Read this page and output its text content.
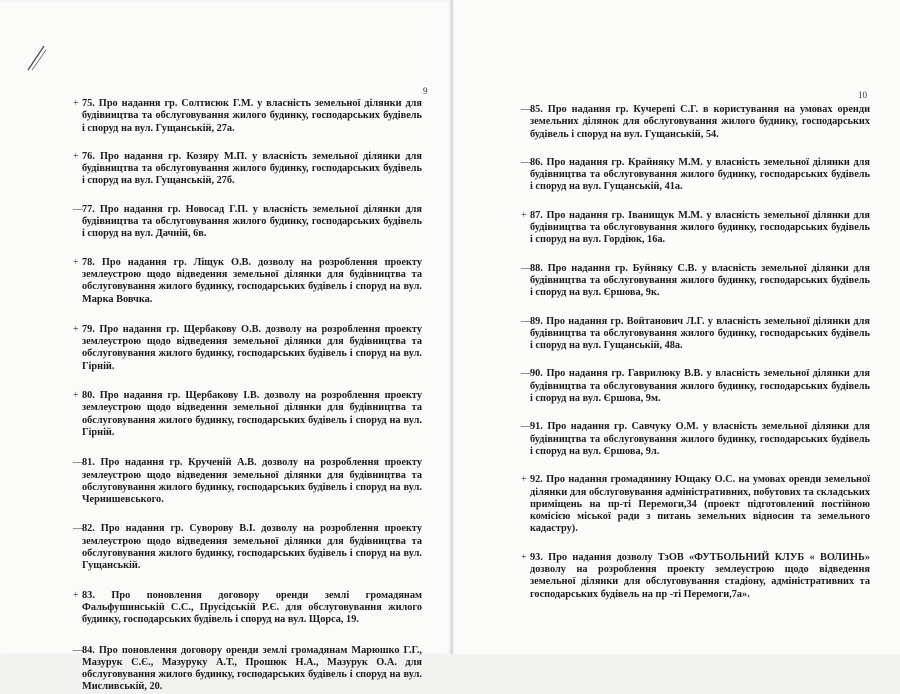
9	10

+ 75. Про надання гр. Солтисюк Г.М. у власність земельної ділянки для будівництва та обслуговування жилого будинку, господарських будівель і споруд на вул. Гущанській, 27а.

+ 76. Про надання гр. Козяру М.П. у власність земельної ділянки для будівництва та обслуговування жилого будинку, господарських будівель і споруд на вул. Гущанській, 27б.

— 77. Про надання гр. Новосад Г.П. у власність земельної ділянки для будівництва та обслуговування жилого будинку, господарських будівель і споруд на вул. Дачній, 6в.

+ 78. Про надання гр. Ліщук О.В. дозволу на розроблення проекту землеустрою щодо відведення земельної ділянки для будівництва та обслуговування жилого будинку, господарських будівель і споруд на вул. Марка Вовчка.

+ 79. Про надання гр. Щербакову О.В. дозволу на розроблення проекту землеустрою щодо відведення земельної ділянки для будівництва та обслуговування жилого будинку, господарських будівель і споруд на вул. Гірній.

+ 80. Про надання гр. Щербакову І.В. дозволу на розроблення проекту землеустрою щодо відведення земельної ділянки для будівництва та обслуговування жилого будинку, господарських будівель і споруд на вул. Гірній.

— 81. Про надання гр. Крученій А.В. дозволу на розроблення проекту землеустрою щодо відведення земельної ділянки для будівництва та обслуговування жилого будинку, господарських будівель і споруд на вул. Чернишевського.

— 82. Про надання гр. Суворову В.І. дозволу на розроблення проекту землеустрою щодо відведення земельної ділянки для будівництва та обслуговування жилого будинку, господарських будівель і споруд на вул. Гущанській.

+ 83. Про поновлення договору оренди землі громадянам Фальфушинській С.С., Прусідській Р.Є. для обслуговування жилого будинку, господарських будівель і споруд на вул. Щорса, 19.

— 84. Про поновлення договору оренди землі громадянам Марюшко Г.Г., Мазурук С.Є., Мазуруку А.Т., Прошюк Н.А., Мазурук О.А. для обслуговування жилого будинку, господарських будівель і споруд на вул. Мисливській, 20.

— 85. Про надання гр. Кучерепі С.Г. в користування на умовах оренди земельних ділянок для обслуговування жилого будинку, господарських будівель і споруд на вул. Гущанській, 54.

— 86. Про надання гр. Крайняку М.М. у власність земельної ділянки для будівництва та обслуговування жилого будинку, господарських будівель і споруд на вул. Гущанській, 41а.

+ 87. Про надання гр. Іванищук М.М. у власність земельної ділянки для будівництва та обслуговування жилого будинку, господарських будівель і споруд на вул. Гордіюк, 16а.

— 88. Про надання гр. Буйняку С.В. у власність земельної ділянки для будівництва та обслуговування жилого будинку, господарських будівель і споруд на вул. Єршова, 9к.

— 89. Про надання гр. Войтанович Л.Г. у власність земельної ділянки для будівництва та обслуговування жилого будинку, господарських будівель і споруд на вул. Гущанській, 48а.

— 90. Про надання гр. Гаврилюку В.В. у власність земельної ділянки для будівництва та обслуговування жилого будинку, господарських будівель і споруд на вул. Єршова, 9м.

— 91. Про надання гр. Савчуку О.М. у власність земельної ділянки для будівництва та обслуговування жилого будинку, господарських будівель і споруд на вул. Єршова, 9л.

+ 92. Про надання громадянину Ющаку О.С. на умовах оренди земельної ділянки для обслуговування адміністративних, побутових та складських приміщень на пр-ті Перемоги,34 (проект підготовлений постійною комісією міської ради з питань земельних відносин та земельного кадастру).

+ 93. Про надання дозволу ТзОВ «ФУТБОЛЬНИЙ КЛУБ « ВОЛИНЬ» дозволу на розроблення проекту землеустрою щодо відведення земельної ділянки для обслуговування стадіону, адміністративних та господарських будівель на пр -ті Перемоги,7а».
